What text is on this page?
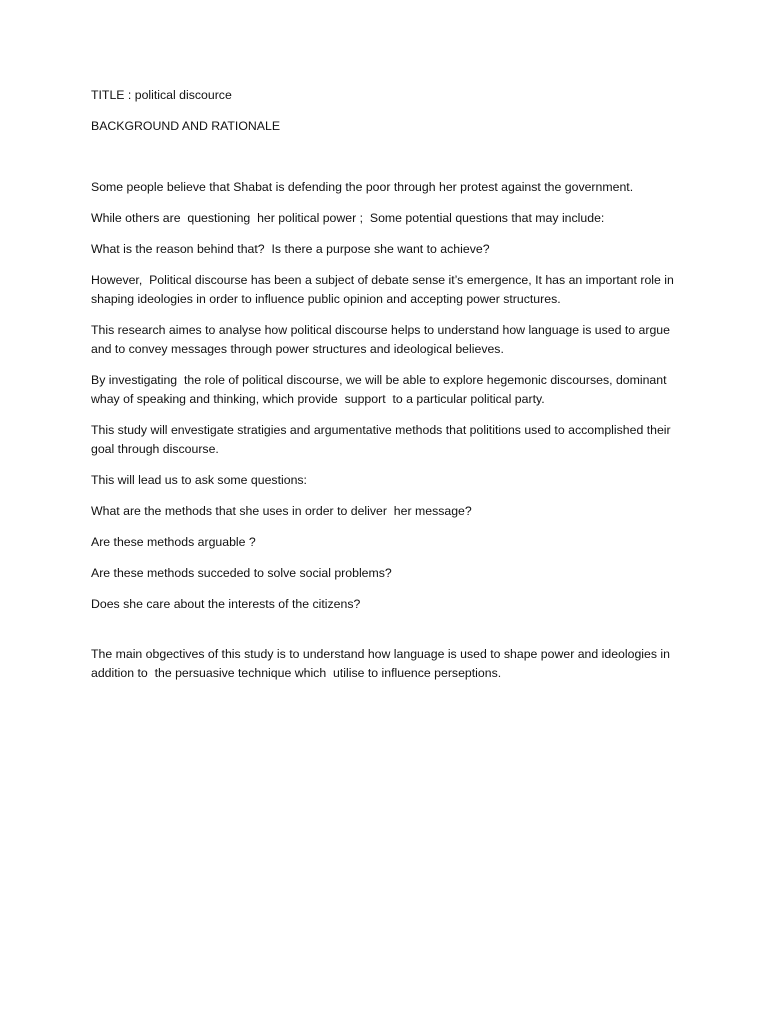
TITLE : political discource

BACKGROUND AND RATIONALE

Some people believe that Shabat is defending the poor through her protest against the government.

While others are  questioning  her political power ;  Some potential questions that may include:

What is the reason behind that?  Is there a purpose she want to achieve?

However,  Political discourse has been a subject of debate sense it’s emergence, It has an important role in shaping ideologies in order to influence public opinion and accepting power structures.

This research aimes to analyse how political discourse helps to understand how language is used to argue and to convey messages through power structures and ideological believes.

By investigating  the role of political discourse, we will be able to explore hegemonic discourses, dominant whay of speaking and thinking, which provide  support  to a particular political party.

This study will envestigate stratigies and argumentative methods that polititions used to accomplished their goal through discourse.

This will lead us to ask some questions:

What are the methods that she uses in order to deliver  her message?

Are these methods arguable ?

Are these methods succeded to solve social problems?

Does she care about the interests of the citizens?

The main obgectives of this study is to understand how language is used to shape power and ideologies in addition to  the persuasive technique which  utilise to influence perseptions.
